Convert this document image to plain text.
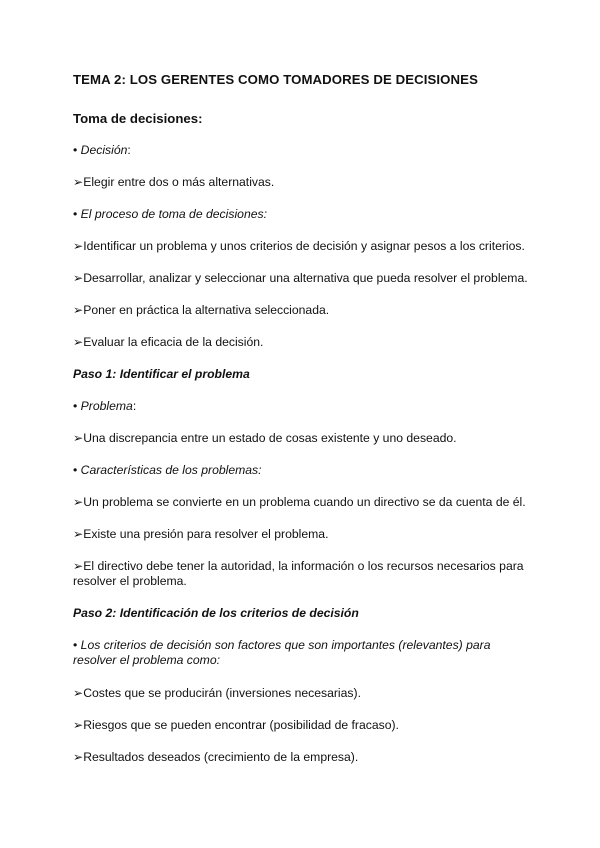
TEMA 2: LOS GERENTES COMO TOMADORES DE DECISIONES
Toma de decisiones:
• Decisión:
➢Elegir entre dos o más alternativas.
• El proceso de toma de decisiones:
➢Identificar un problema y unos criterios de decisión y asignar pesos a los criterios.
➢Desarrollar, analizar y seleccionar una alternativa que pueda resolver el problema.
➢Poner en práctica la alternativa seleccionada.
➢Evaluar la eficacia de la decisión.
Paso 1: Identificar el problema
• Problema:
➢Una discrepancia entre un estado de cosas existente y uno deseado.
• Características de los problemas:
➢Un problema se convierte en un problema cuando un directivo se da cuenta de él.
➢Existe una presión para resolver el problema.
➢El directivo debe tener la autoridad, la información o los recursos necesarios para resolver el problema.
Paso 2: Identificación de los criterios de decisión
• Los criterios de decisión son factores que son importantes (relevantes) para resolver el problema como:
➢Costes que se producirán (inversiones necesarias).
➢Riesgos que se pueden encontrar (posibilidad de fracaso).
➢Resultados deseados (crecimiento de la empresa).
